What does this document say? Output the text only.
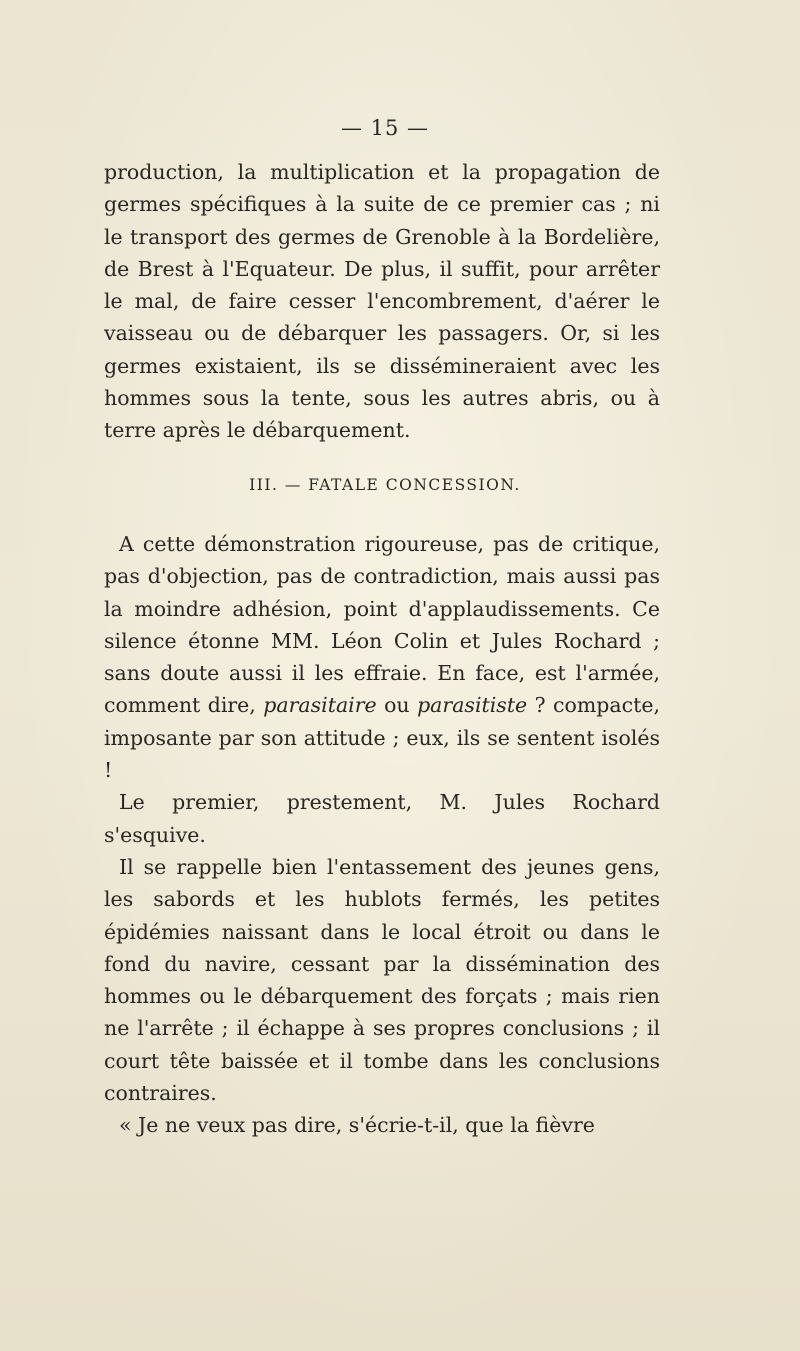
— 15 —

production, la multiplication et la propagation de germes spécifiques à la suite de ce premier cas ; ni le transport des germes de Grenoble à la Bordelière, de Brest à l'Equateur. De plus, il suffit, pour arrêter le mal, de faire cesser l'encombrement, d'aérer le vaisseau ou de débarquer les passagers. Or, si les germes existaient, ils se dissémineraient avec les hommes sous la tente, sous les autres abris, ou à terre après le débarquement.

III. — FATALE CONCESSION.

A cette démonstration rigoureuse, pas de critique, pas d'objection, pas de contradiction, mais aussi pas la moindre adhésion, point d'applaudissements. Ce silence étonne MM. Léon Colin et Jules Rochard ; sans doute aussi il les effraie. En face, est l'armée, comment dire, parasitaire ou parasitiste ? compacte, imposante par son attitude ; eux, ils se sentent isolés !

Le premier, prestement, M. Jules Rochard s'esquive.

Il se rappelle bien l'entassement des jeunes gens, les sabords et les hublots fermés, les petites épidémies naissant dans le local étroit ou dans le fond du navire, cessant par la dissémination des hommes ou le débarquement des forçats ; mais rien ne l'arrête ; il échappe à ses propres conclusions ; il court tête baissée et il tombe dans les conclusions contraires.

« Je ne veux pas dire, s'écrie-t-il, que la fièvre
